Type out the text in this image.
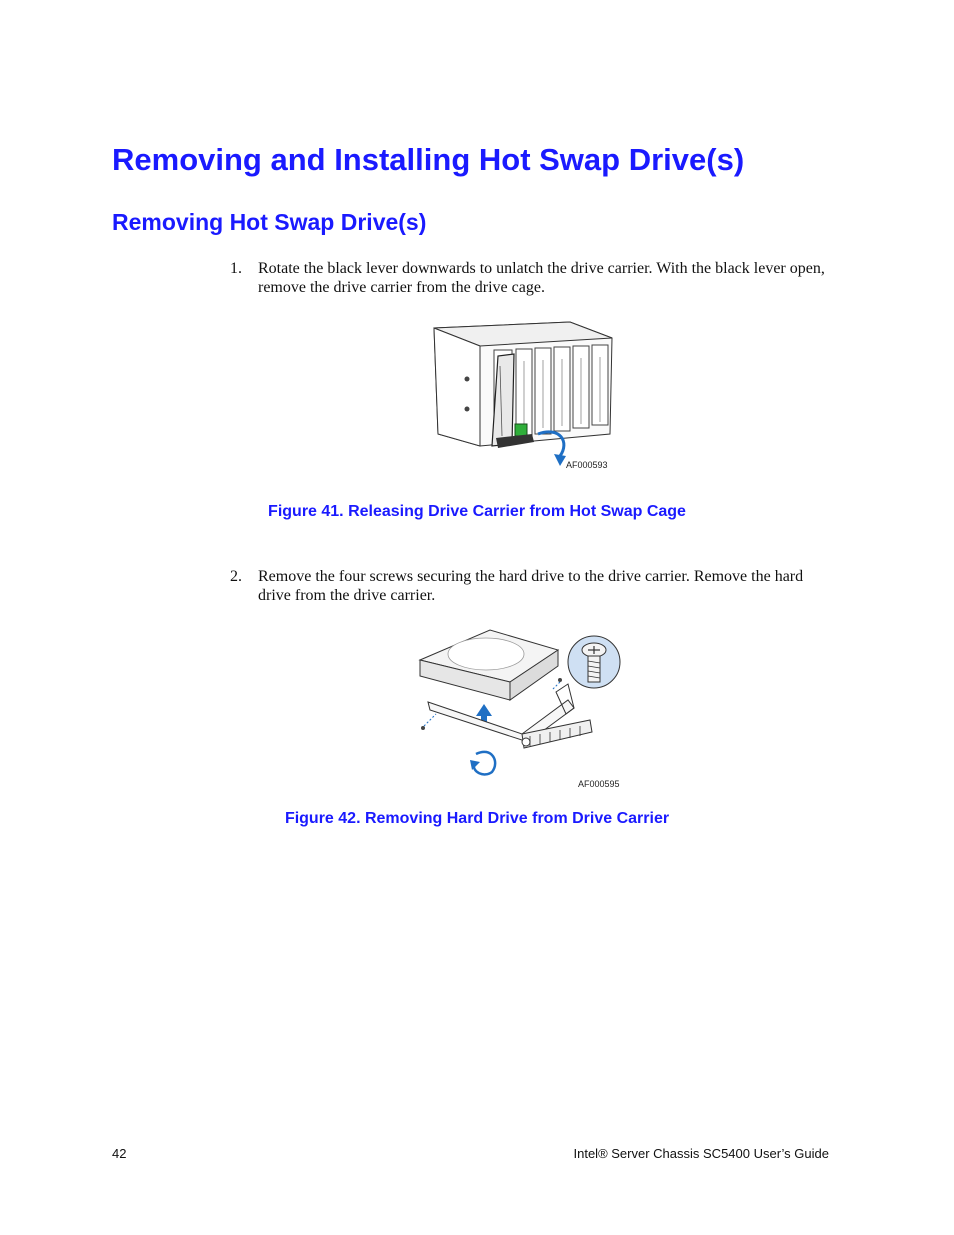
Removing and Installing Hot Swap Drive(s)
Removing Hot Swap Drive(s)
1. Rotate the black lever downwards to unlatch the drive carrier. With the black lever open, remove the drive carrier from the drive cage.
AF000593
Figure 41. Releasing Drive Carrier from Hot Swap Cage
2. Remove the four screws securing the hard drive to the drive carrier. Remove the hard drive from the drive carrier.
AF000595
Figure 42. Removing Hard Drive from Drive Carrier
42	Intel® Server Chassis SC5400 User’s Guide
